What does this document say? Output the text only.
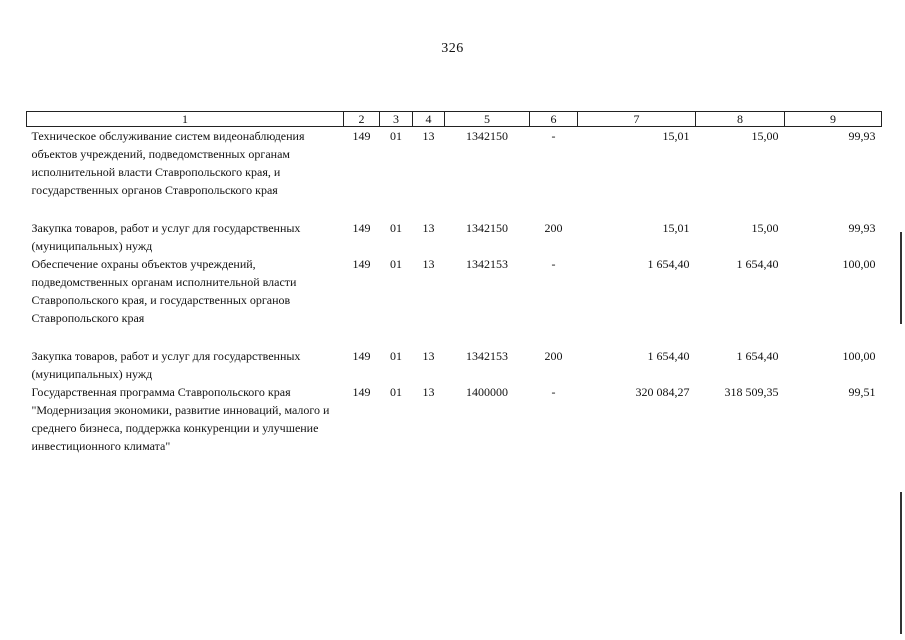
326
1	2	3	4	5	6	7	8	9
Техническое обслуживание систем видеонаблюдения объектов учреждений, подведомственных органам исполнительной власти Ставропольского края, и государственных органов Ставропольского края	149	01	13	1342150	-	15,01	15,00	99,93
Закупка товаров, работ и услуг для государственных (муниципальных) нужд	149	01	13	1342150	200	15,01	15,00	99,93
Обеспечение охраны объектов учреждений, подведомственных органам исполнительной власти Ставропольского края, и государственных органов Ставропольского края	149	01	13	1342153	-	1 654,40	1 654,40	100,00
Закупка товаров, работ и услуг для государственных (муниципальных) нужд	149	01	13	1342153	200	1 654,40	1 654,40	100,00
Государственная программа Ставропольского края "Модернизация экономики, развитие инноваций, малого и среднего бизнеса, поддержка конкуренции и улучшение инвестиционного климата"	149	01	13	1400000	-	320 084,27	318 509,35	99,51
